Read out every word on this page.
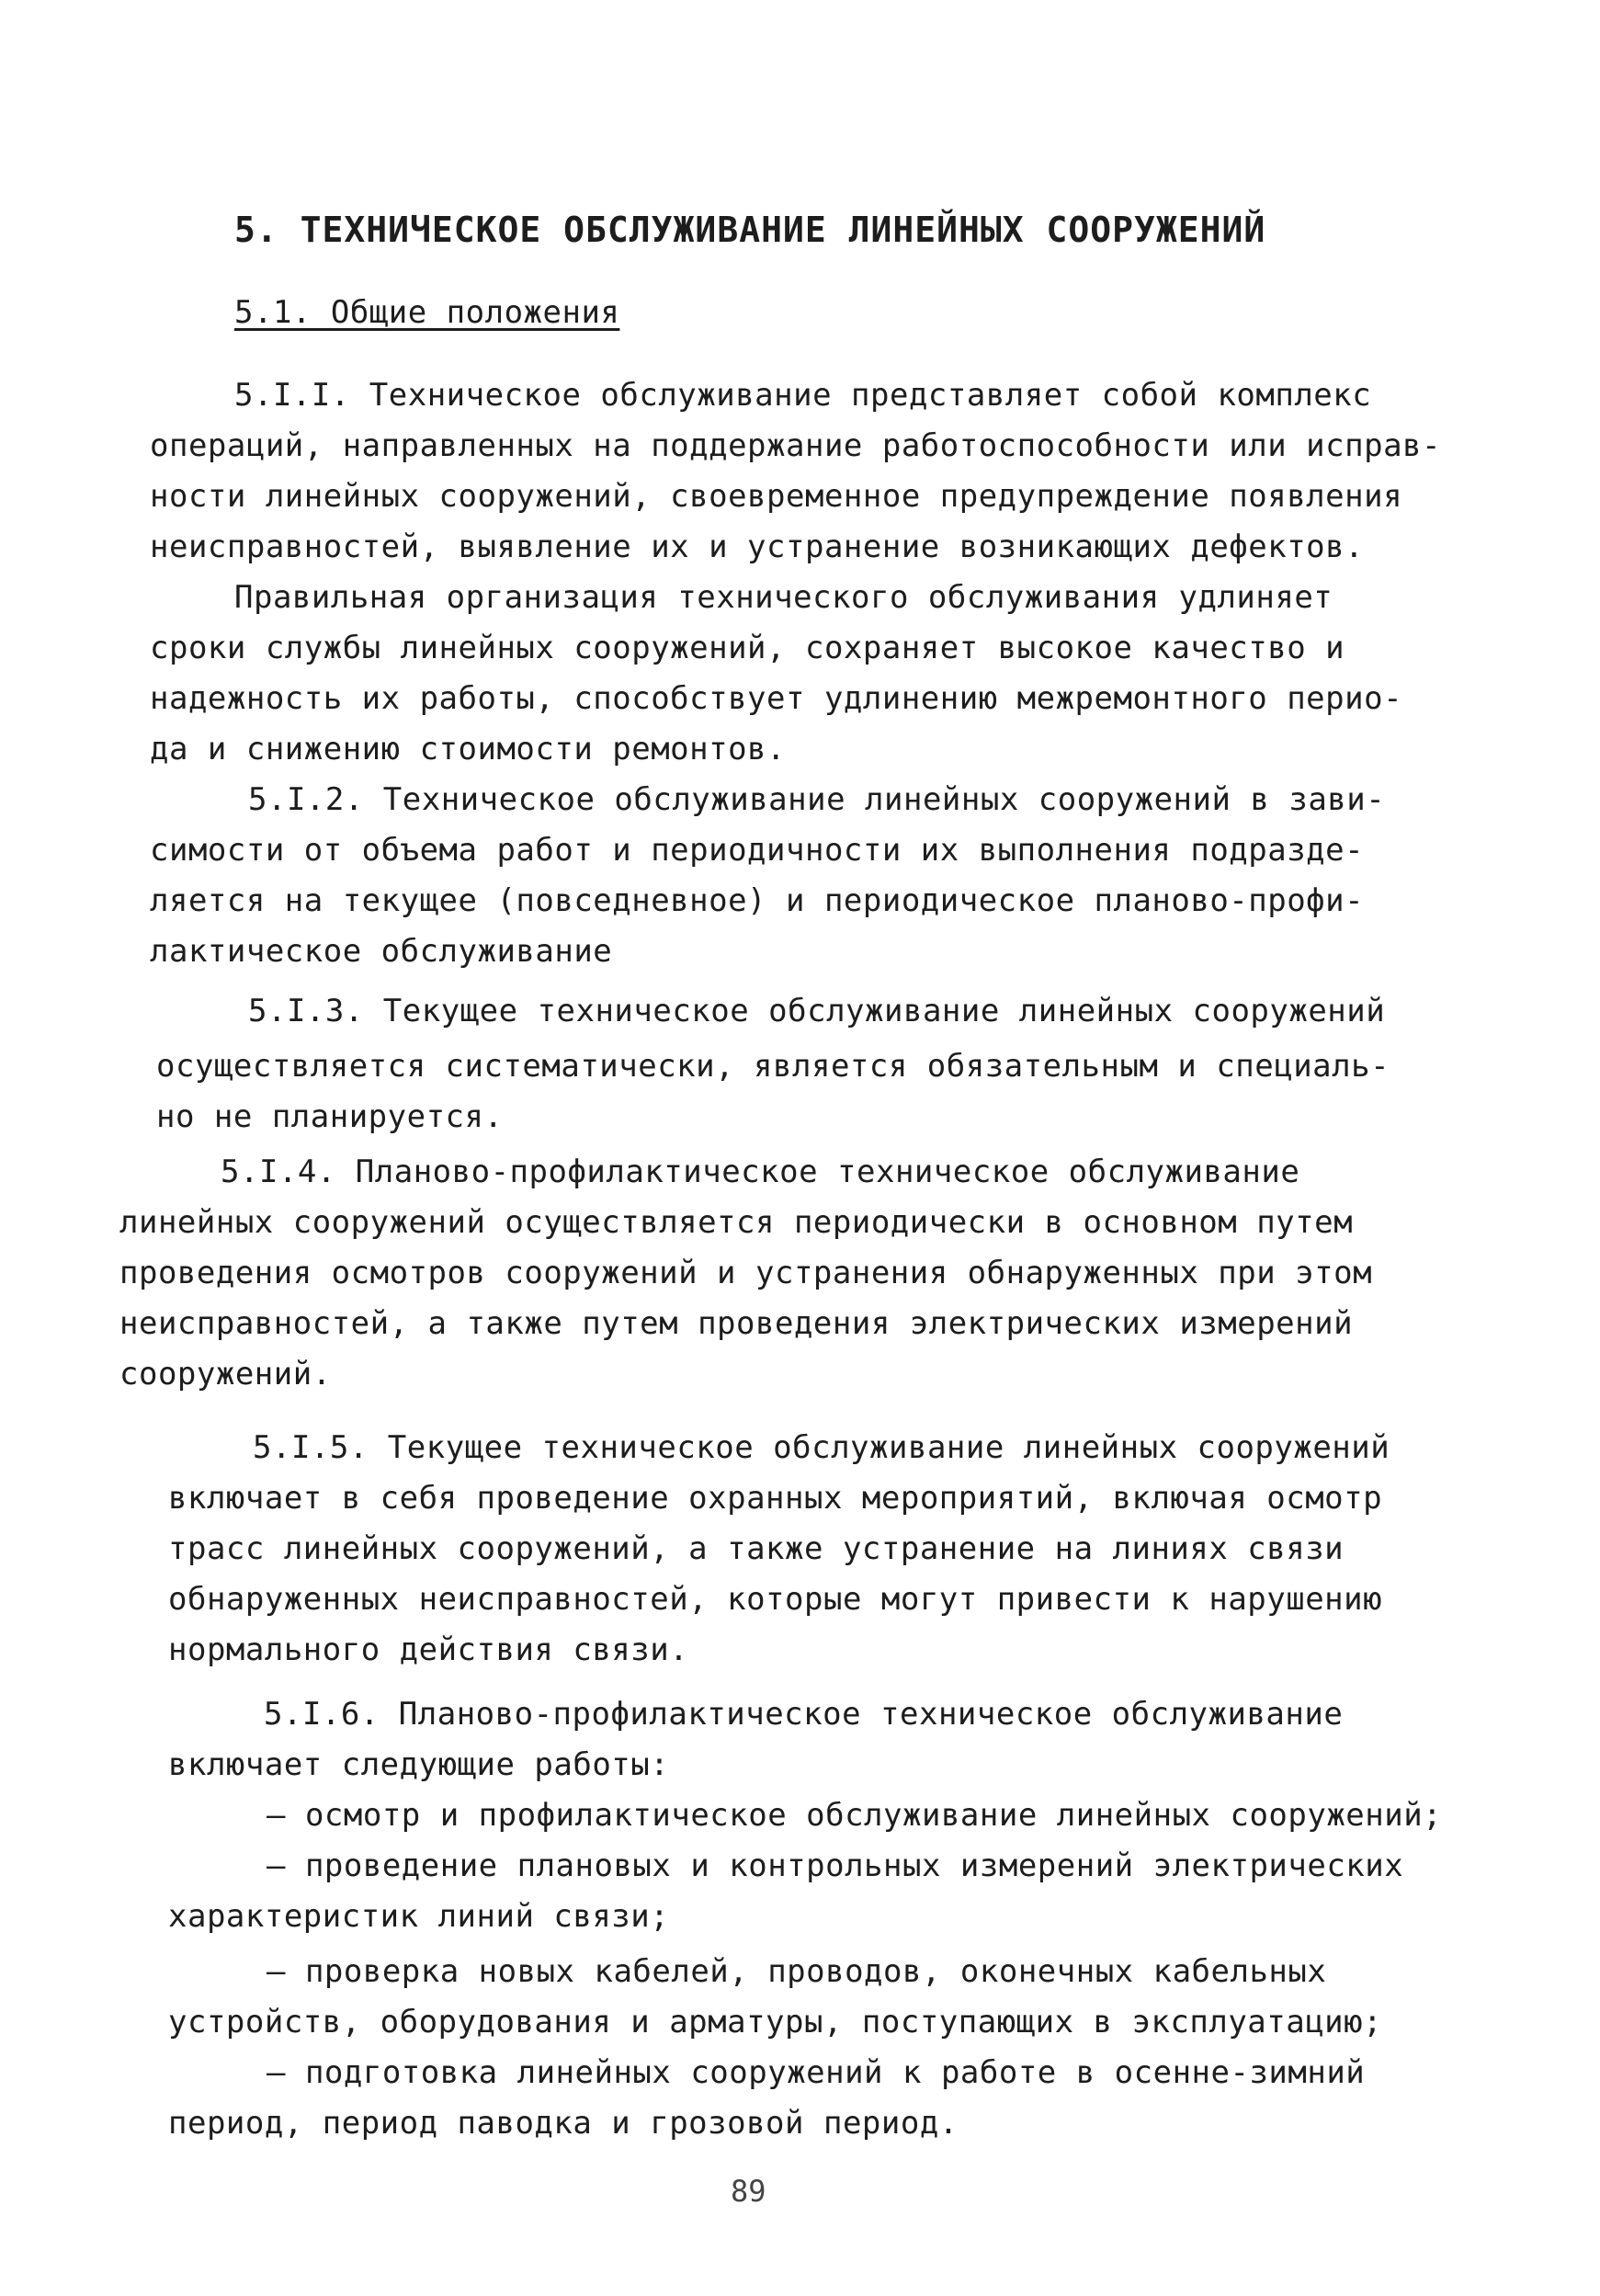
5. ТЕХНИЧЕСКОЕ ОБСЛУЖИВАНИЕ ЛИНЕЙНЫХ СООРУЖЕНИЙ
5.1. Общие положения
5.I.I. Техническое обслуживание представляет собой комплекс
операций, направленных на поддержание работоспособности или исправ-
ности линейных сооружений, своевременное предупреждение появления
неисправностей, выявление их и устранение возникающих дефектов.
Правильная организация технического обслуживания удлиняет
сроки службы линейных сооружений, сохраняет высокое качество и
надежность их работы, способствует удлинению межремонтного перио-
да и снижению стоимости ремонтов.
5.I.2. Техническое обслуживание линейных сооружений в зави-
симости от объема работ и периодичности их выполнения подразде-
ляется на текущее (повседневное) и периодическое планово-профи-
лактическое обслуживание
5.I.3. Текущее техническое обслуживание линейных сооружений
осуществляется систематически, является обязательным и специаль-
но не планируется.
5.I.4. Планово-профилактическое техническое обслуживание
линейных сооружений осуществляется периодически в основном путем
проведения осмотров сооружений и устранения обнаруженных при этом
неисправностей, а также путем проведения электрических измерений
сооружений.
5.I.5. Текущее техническое обслуживание линейных сооружений
включает в себя проведение охранных мероприятий, включая осмотр
трасс линейных сооружений, а также устранение на линиях связи
обнаруженных неисправностей, которые могут привести к нарушению
нормального действия связи.
5.I.6. Планово-профилактическое техническое обслуживание
включает следующие работы:
– осмотр и профилактическое обслуживание линейных сооружений;
– проведение плановых и контрольных измерений электрических
характеристик линий связи;
– проверка новых кабелей, проводов, оконечных кабельных
устройств, оборудования и арматуры, поступающих в эксплуатацию;
– подготовка линейных сооружений к работе в осенне-зимний
период, период паводка и грозовой период.
89
